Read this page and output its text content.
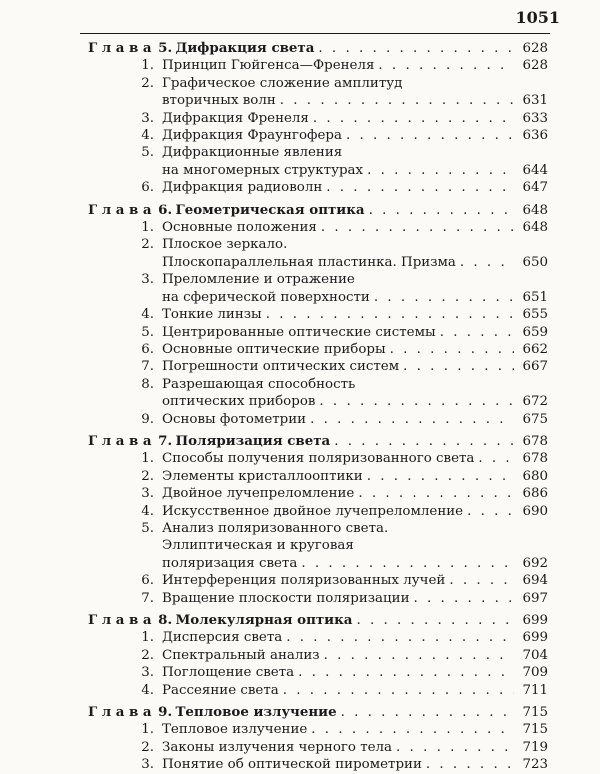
1051
Глава 5. Дифракция света . . .	628
1. Принцип Гюйгенса—Френеля . . .	628
2. Графическое сложение амплитуд
вторичных волн . . .	631
3. Дифракция Френеля . . .	633
4. Дифракция Фраунгофера . . .	636
5. Дифракционные явления
на многомерных структурах . . .	644
6. Дифракция радиоволн . . .	647
Глава 6. Геометрическая оптика . . .	648
1. Основные положения . . .	648
2. Плоское зеркало.
Плоскопараллельная пластинка. Призма . . .	650
3. Преломление и отражение
на сферической поверхности . . .	651
4. Тонкие линзы . . .	655
5. Центрированные оптические системы . . .	659
6. Основные оптические приборы . . .	662
7. Погрешности оптических систем . . .	667
8. Разрешающая способность
оптических приборов . . .	672
9. Основы фотометрии . . .	675
Глава 7. Поляризация света . . .	678
1. Способы получения поляризованного света . . .	678
2. Элементы кристаллооптики . . .	680
3. Двойное лучепреломление . . .	686
4. Искусственное двойное лучепреломление . . .	690
5. Анализ поляризованного света.
Эллиптическая и круговая
поляризация света . . .	692
6. Интерференция поляризованных лучей . . .	694
7. Вращение плоскости поляризации . . .	697
Глава 8. Молекулярная оптика . . .	699
1. Дисперсия света . . .	699
2. Спектральный анализ . . .	704
3. Поглощение света . . .	709
4. Рассеяние света . . .	711
Глава 9. Тепловое излучение . . .	715
1. Тепловое излучение . . .	715
2. Законы излучения черного тела . . .	719
3. Понятие об оптической пирометрии . . .	723
